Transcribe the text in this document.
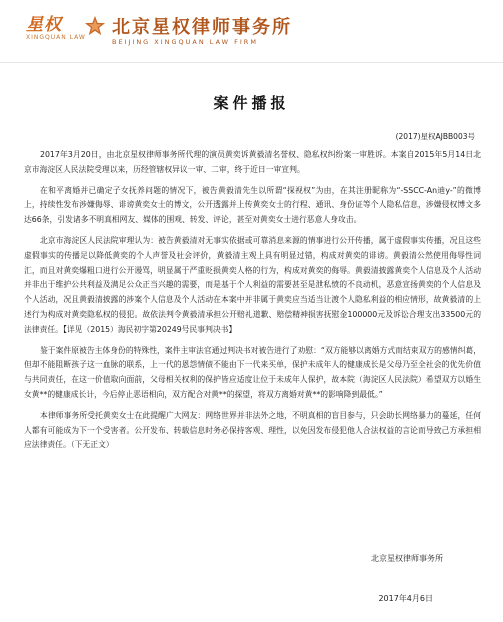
星权
XINGQUAN LAW 北京星权律师事务所
BEIJING XINGQUAN LAW FIRM
案件播报
(2017)星权AJBB003号

2017年3月20日，由北京星权律师事务所代理的演员黄奕诉黄毅清名誉权、隐私权纠纷案一审胜诉。本案自2015年5月14日北京市海淀区人民法院受理以来，历经管辖权异议一审、二审，终于近日一审宣判。

在和平离婚并已确定子女抚养问题的情况下，被告黄毅清先生以所谓“探视权”为由，在其注册昵称为“-SSCC-An迪y-”的微博上，持续性发布涉嫌侮辱、诽谤黄奕女士的博文，公开透露并上传黄奕女士的行程、通讯、身份证等个人隐私信息，涉嫌侵权博文多达66条，引发诸多不明真相网友、媒体的围观、转发、评论，甚至对黄奕女士进行恶意人身攻击。

北京市海淀区人民法院审理认为：被告黄毅清对无事实依据或可靠消息来源的情事进行公开传播，属于虚假事实传播，况且这些虚假事实的传播足以降低黄奕的个人声誉及社会评价，黄毅清主观上具有明显过错，构成对黄奕的诽谤。黄毅清公然使用侮辱性词汇，而且对黄奕爆粗口进行公开谩骂，明显属于严重贬损黄奕人格的行为，构成对黄奕的侮辱。黄毅清披露黄奕个人信息及个人活动并非出于维护公共利益及满足公众正当兴趣的需要，而是基于个人利益的需要甚至是泄私愤的不良动机，恶意宣扬黄奕的个人信息及个人活动，况且黄毅清披露的涉案个人信息及个人活动在本案中并非属于黄奕应当适当让渡个人隐私利益的相应情形，故黄毅清的上述行为构成对黄奕隐私权的侵犯。故依法判令黄毅清承担公开赔礼道歉、赔偿精神损害抚慰金100000元及诉讼合理支出33500元的法律责任。【详见（2015）海民初字第20249号民事判决书】

鉴于案件原被告主体身份的特殊性，案件主审法官通过判决书对被告进行了劝慰：“双方能够以离婚方式而结束双方的感情纠葛，但却不能阻断孩子这一血脉的联系，上一代的恩怨情债不能由下一代来买单，保护未成年人的健康成长是父母乃至全社会的优先价值与共同责任，在这一价值取向面前，父母相关权利的保护皆应适度让位于未成年人保护，故本院（海淀区人民法院）希望双方以婚生女黄**的健康成长计，今后停止恶语相向，双方配合对黄**的探望，将双方离婚对黄**的影响降到最低。”

本律师事务所受托黄奕女士在此提醒广大网友：网络世界并非法外之地，不明真相的盲目参与，只会助长网络暴力的蔓延，任何人都有可能成为下一个受害者。公开发布、转载信息时务必保持客观、理性，以免因发布侵犯他人合法权益的言论而导致己方承担相应法律责任。（下无正文）

北京星权律师事务所
2017年4月6日
